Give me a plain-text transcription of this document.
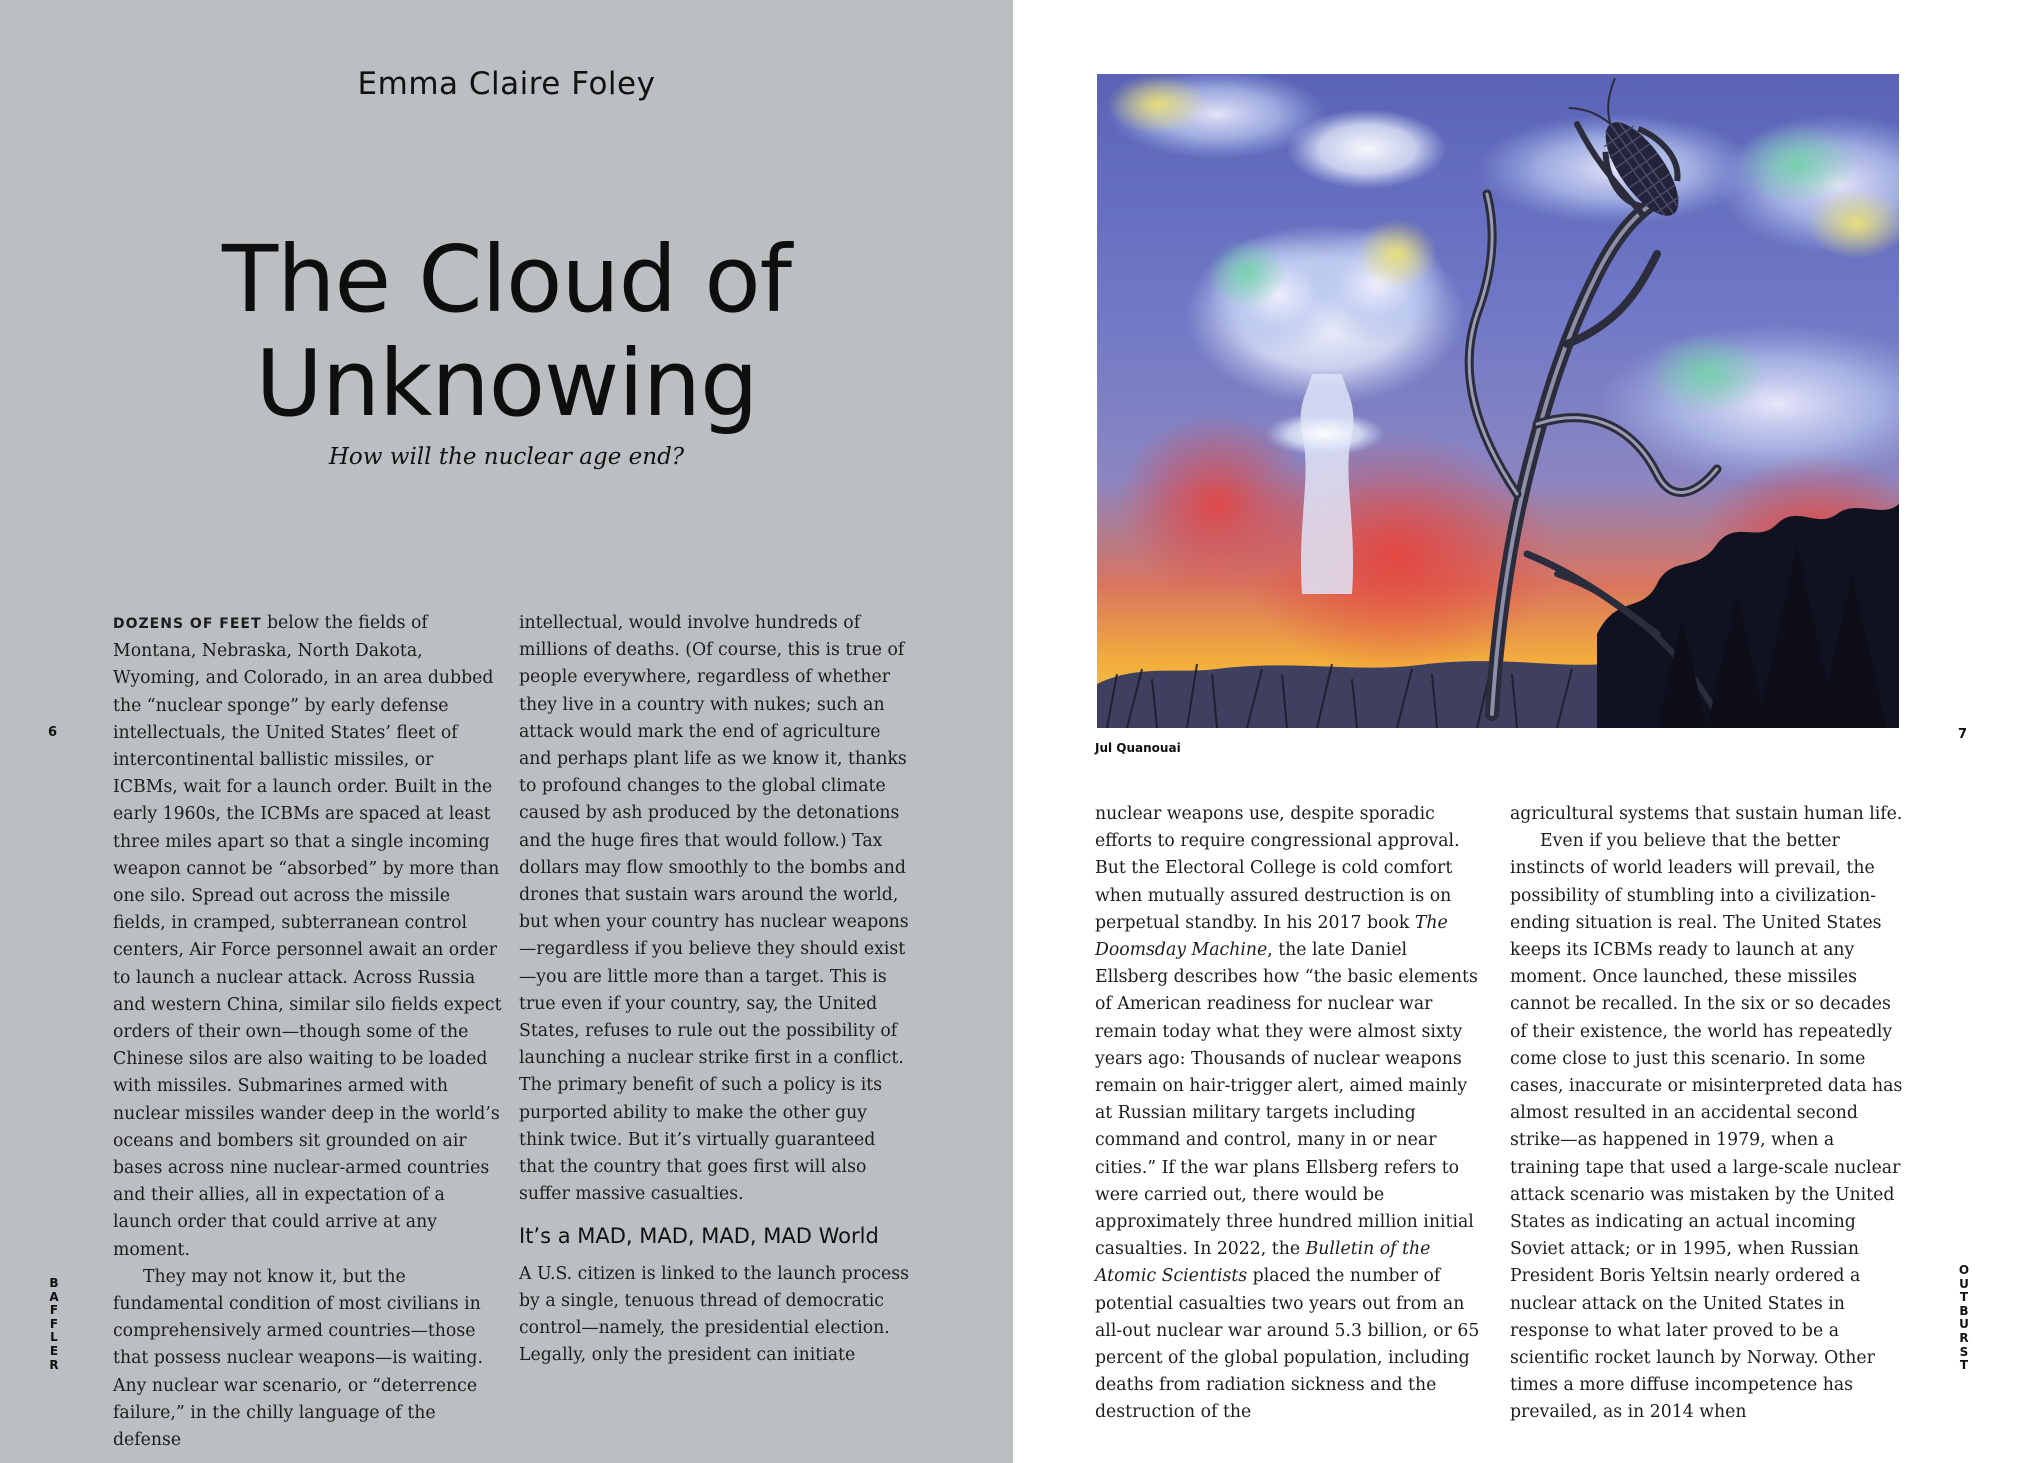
Emma Claire Foley
The Cloud of
Unknowing
How will the nuclear age end?

DOZENS OF FEET below the fields of Montana, Nebraska, North Dakota, Wyoming, and Colorado, in an area dubbed the “nuclear sponge” by early defense intellectuals, the United States’ fleet of intercontinental ballistic missiles, or ICBMs, wait for a launch order. Built in the early 1960s, the ICBMs are spaced at least three miles apart so that a single incoming weapon cannot be “absorbed” by more than one silo. Spread out across the missile fields, in cramped, subterranean control centers, Air Force personnel await an order to launch a nuclear attack. Across Russia and western China, similar silo fields expect orders of their own—though some of the Chinese silos are also waiting to be loaded with missiles. Submarines armed with nuclear missiles wander deep in the world’s oceans and bombers sit grounded on air bases across nine nuclear-armed countries and their allies, all in expectation of a launch order that could arrive at any moment.

They may not know it, but the fundamental condition of most civilians in comprehensively armed countries—those that possess nuclear weapons—is waiting. Any nuclear war scenario, or “deterrence failure,” in the chilly language of the defense

intellectual, would involve hundreds of millions of deaths. (Of course, this is true of people everywhere, regardless of whether they live in a country with nukes; such an attack would mark the end of agriculture and perhaps plant life as we know it, thanks to profound changes to the global climate caused by ash produced by the detonations and the huge fires that would follow.) Tax dollars may flow smoothly to the bombs and drones that sustain wars around the world, but when your country has nuclear weapons—regardless if you believe they should exist—you are little more than a target. This is true even if your country, say, the United States, refuses to rule out the possibility of launching a nuclear strike first in a conflict. The primary benefit of such a policy is its purported ability to make the other guy think twice. But it’s virtually guaranteed that the country that goes first will also suffer massive casualties.

It’s a MAD, MAD, MAD, MAD World

A U.S. citizen is linked to the launch process by a single, tenuous thread of democratic control—namely, the presidential election. Legally, only the president can initiate

6
B
A
F
F
L
E
R
Jul Quanouai

nuclear weapons use, despite sporadic efforts to require congressional approval. But the Electoral College is cold comfort when mutually assured destruction is on perpetual standby. In his 2017 book The Doomsday Machine, the late Daniel Ellsberg describes how “the basic elements of American readiness for nuclear war remain today what they were almost sixty years ago: Thousands of nuclear weapons remain on hair-trigger alert, aimed mainly at Russian military targets including command and control, many in or near cities.” If the war plans Ellsberg refers to were carried out, there would be approximately three hundred million initial casualties. In 2022, the Bulletin of the Atomic Scientists placed the number of potential casualties two years out from an all-out nuclear war around 5.3 billion, or 65 percent of the global population, including deaths from radiation sickness and the destruction of the

agricultural systems that sustain human life.

Even if you believe that the better instincts of world leaders will prevail, the possibility of stumbling into a civilization-ending situation is real. The United States keeps its ICBMs ready to launch at any moment. Once launched, these missiles cannot be recalled. In the six or so decades of their existence, the world has repeatedly come close to just this scenario. In some cases, inaccurate or misinterpreted data has almost resulted in an accidental second strike—as happened in 1979, when a training tape that used a large-scale nuclear attack scenario was mistaken by the United States as indicating an actual incoming Soviet attack; or in 1995, when Russian President Boris Yeltsin nearly ordered a nuclear attack on the United States in response to what later proved to be a scientific rocket launch by Norway. Other times a more diffuse incompetence has prevailed, as in 2014 when

7
O
U
T
B
U
R
S
T
